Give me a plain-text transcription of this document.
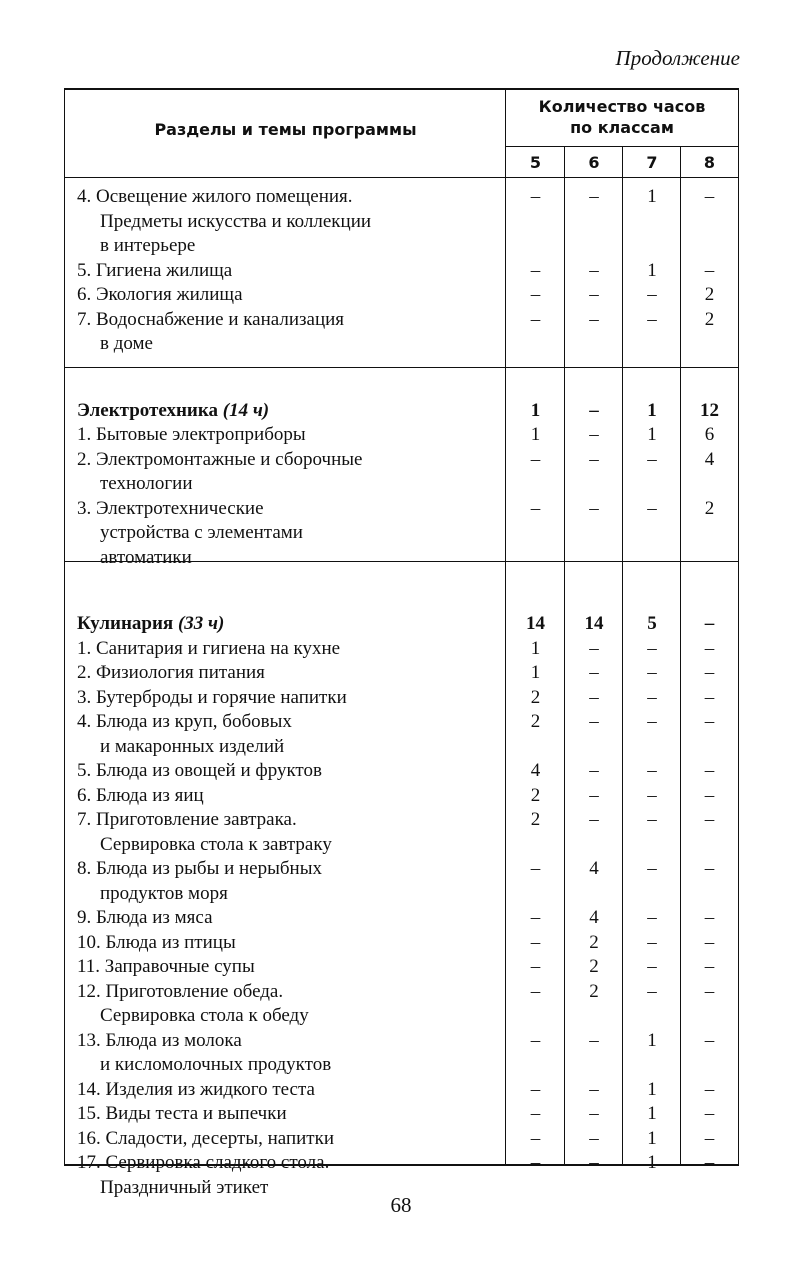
Продолжение
Разделы и темы программы
Количество часов
по классам
5	6	7	8
4. Освещение жилого помещения.
Предметы искусства и коллекции
в интерьере
–	–	1	–
5. Гигиена жилища	–	–	1	–
6. Экология жилища	–	–	–	2
7. Водоснабжение и канализация
в доме
–	–	–	2
Электротехника (14 ч)	1	–	1	12
1. Бытовые электроприборы	1	–	1	6
2. Электромонтажные и сборочные
технологии
–	–	–	4
3. Электротехнические
устройства с элементами
автоматики
–	–	–	2
Кулинария (33 ч)	14	14	5	–
1. Санитария и гигиена на кухне	1	–	–	–
2. Физиология питания	1	–	–	–
3. Бутерброды и горячие напитки	2	–	–	–
4. Блюда из круп, бобовых
и макаронных изделий
2	–	–	–
5. Блюда из овощей и фруктов	4	–	–	–
6. Блюда из яиц	2	–	–	–
7. Приготовление завтрака.
Сервировка стола к завтраку
2	–	–	–
8. Блюда из рыбы и нерыбных
продуктов моря
–	4	–	–
9. Блюда из мяса	–	4	–	–
10. Блюда из птицы	–	2	–	–
11. Заправочные супы	–	2	–	–
12. Приготовление обеда.
Сервировка стола к обеду
–	2	–	–
13. Блюда из молока
и кисломолочных продуктов
–	–	1	–
14. Изделия из жидкого теста	–	–	1	–
15. Виды теста и выпечки	–	–	1	–
16. Сладости, десерты, напитки	–	–	1	–
17. Сервировка сладкого стола.
Праздничный этикет
–	–	1	–
68
